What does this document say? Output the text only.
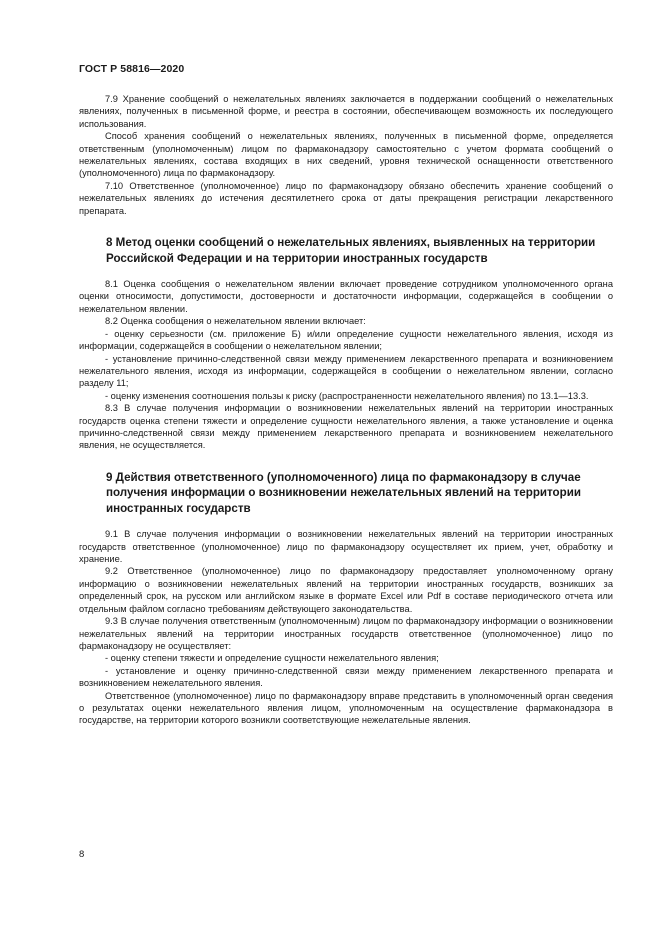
ГОСТ Р 58816—2020

7.9 Хранение сообщений о нежелательных явлениях заключается в поддержании сообщений о нежелательных явлениях, полученных в письменной форме, и реестра в состоянии, обеспечивающем возможность их последующего использования.

Способ хранения сообщений о нежелательных явлениях, полученных в письменной форме, определяется ответственным (уполномоченным) лицом по фармаконадзору самостоятельно с учетом формата сообщений о нежелательных явлениях, состава входящих в них сведений, уровня технической оснащенности ответственного (уполномоченного) лица по фармаконадзору.

7.10 Ответственное (уполномоченное) лицо по фармаконадзору обязано обеспечить хранение сообщений о нежелательных явлениях до истечения десятилетнего срока от даты прекращения регистрации лекарственного препарата.

8 Метод оценки сообщений о нежелательных явлениях, выявленных на территории Российской Федерации и на территории иностранных государств

8.1 Оценка сообщения о нежелательном явлении включает проведение сотрудником уполномоченного органа оценки относимости, допустимости, достоверности и достаточности информации, содержащейся в сообщении о нежелательном явлении.

8.2 Оценка сообщения о нежелательном явлении включает:

- оценку серьезности (см. приложение Б) и/или определение сущности нежелательного явления, исходя из информации, содержащейся в сообщении о нежелательном явлении;

- установление причинно-следственной связи между применением лекарственного препарата и возникновением нежелательного явления, исходя из информации, содержащейся в сообщении о нежелательном явлении, согласно разделу 11;

- оценку изменения соотношения пользы к риску (распространенности нежелательного явления) по 13.1—13.3.

8.3 В случае получения информации о возникновении нежелательных явлений на территории иностранных государств оценка степени тяжести и определение сущности нежелательного явления, а также установление и оценка причинно-следственной связи между применением лекарственного препарата и возникновением нежелательного явления, не осуществляется.

9 Действия ответственного (уполномоченного) лица по фармаконадзору в случае получения информации о возникновении нежелательных явлений на территории иностранных государств

9.1 В случае получения информации о возникновении нежелательных явлений на территории иностранных государств ответственное (уполномоченное) лицо по фармаконадзору осуществляет их прием, учет, обработку и хранение.

9.2 Ответственное (уполномоченное) лицо по фармаконадзору предоставляет уполномоченному органу информацию о возникновении нежелательных явлений на территории иностранных государств, возникших за определенный срок, на русском или английском языке в формате Excel или Pdf в составе периодического отчета или отдельным файлом согласно требованиям действующего законодательства.

9.3 В случае получения ответственным (уполномоченным) лицом по фармаконадзору информации о возникновении нежелательных явлений на территории иностранных государств ответственное (уполномоченное) лицо по фармаконадзору не осуществляет:

- оценку степени тяжести и определение сущности нежелательного явления;

- установление и оценку причинно-следственной связи между применением лекарственного препарата и возникновением нежелательного явления.

Ответственное (уполномоченное) лицо по фармаконадзору вправе представить в уполномоченный орган сведения о результатах оценки нежелательного явления лицом, уполномоченным на осуществление фармаконадзора в государстве, на территории которого возникли соответствующие нежелательные явления.

8
